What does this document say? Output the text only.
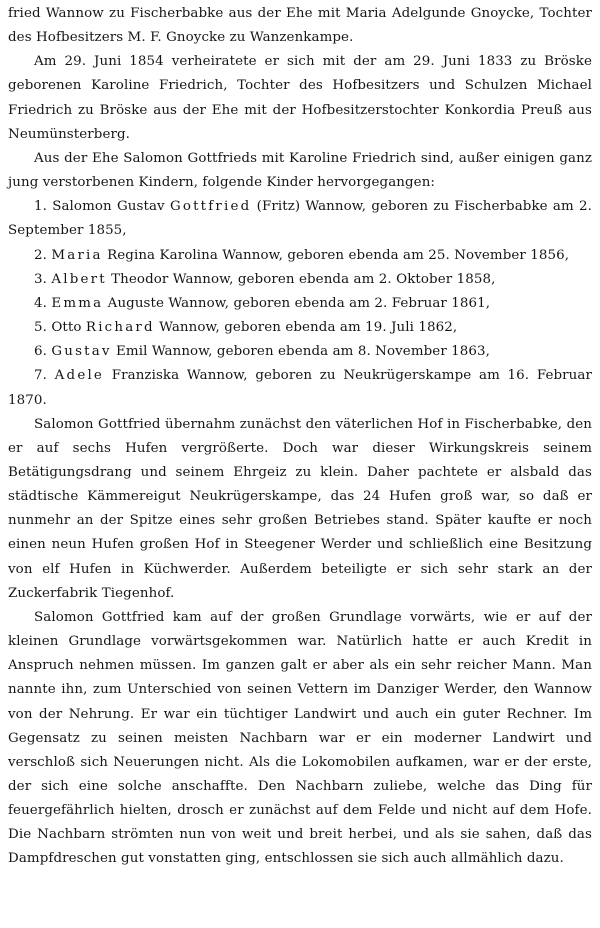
fried Wannow zu Fischerbabke aus der Ehe mit Maria Adelgunde Gnoycke, Tochter des Hofbesitzers M. F. Gnoycke zu Wanzenkampe.

Am 29. Juni 1854 verheiratete er sich mit der am 29. Juni 1833 zu Bröske geborenen Karoline Friedrich, Tochter des Hofbesitzers und Schulzen Michael Friedrich zu Bröske aus der Ehe mit der Hofbesitzerstochter Konkordia Preuß aus Neumünsterberg.

Aus der Ehe Salomon Gottfrieds mit Karoline Friedrich sind, außer einigen ganz jung verstorbenen Kindern, folgende Kinder hervorgegangen:

1. Salomon Gustav Gottfried (Fritz) Wannow, geboren zu Fischerbabke am 2. September 1855,

2. Maria Regina Karolina Wannow, geboren ebenda am 25. November 1856,

3. Albert Theodor Wannow, geboren ebenda am 2. Oktober 1858,

4. Emma Auguste Wannow, geboren ebenda am 2. Februar 1861,

5. Otto Richard Wannow, geboren ebenda am 19. Juli 1862,

6. Gustav Emil Wannow, geboren ebenda am 8. November 1863,

7. Adele Franziska Wannow, geboren zu Neukrügerskampe am 16. Februar 1870.

Salomon Gottfried übernahm zunächst den väterlichen Hof in Fischerbabke, den er auf sechs Hufen vergrößerte. Doch war dieser Wirkungskreis seinem Betätigungsdrang und seinem Ehrgeiz zu klein. Daher pachtete er alsbald das städtische Kämmereigut Neukrügerskampe, das 24 Hufen groß war, so daß er nunmehr an der Spitze eines sehr großen Betriebes stand. Später kaufte er noch einen neun Hufen großen Hof in Steegener Werder und schließlich eine Besitzung von elf Hufen in Küchwerder. Außerdem beteiligte er sich sehr stark an der Zuckerfabrik Tiegenhof.

Salomon Gottfried kam auf der großen Grundlage vorwärts, wie er auf der kleinen Grundlage vorwärtsgekommen war. Natürlich hatte er auch Kredit in Anspruch nehmen müssen. Im ganzen galt er aber als ein sehr reicher Mann. Man nannte ihn, zum Unterschied von seinen Vettern im Danziger Werder, den Wannow von der Nehrung. Er war ein tüchtiger Landwirt und auch ein guter Rechner. Im Gegensatz zu seinen meisten Nachbarn war er ein moderner Landwirt und verschloß sich Neuerungen nicht. Als die Lokomobilen aufkamen, war er der erste, der sich eine solche anschaffte. Den Nachbarn zuliebe, welche das Ding für feuergefährlich hielten, drosch er zunächst auf dem Felde und nicht auf dem Hofe. Die Nachbarn strömten nun von weit und breit herbei, und als sie sahen, daß das Dampfdreschen gut vonstatten ging, entschlossen sie sich auch allmählich dazu.
